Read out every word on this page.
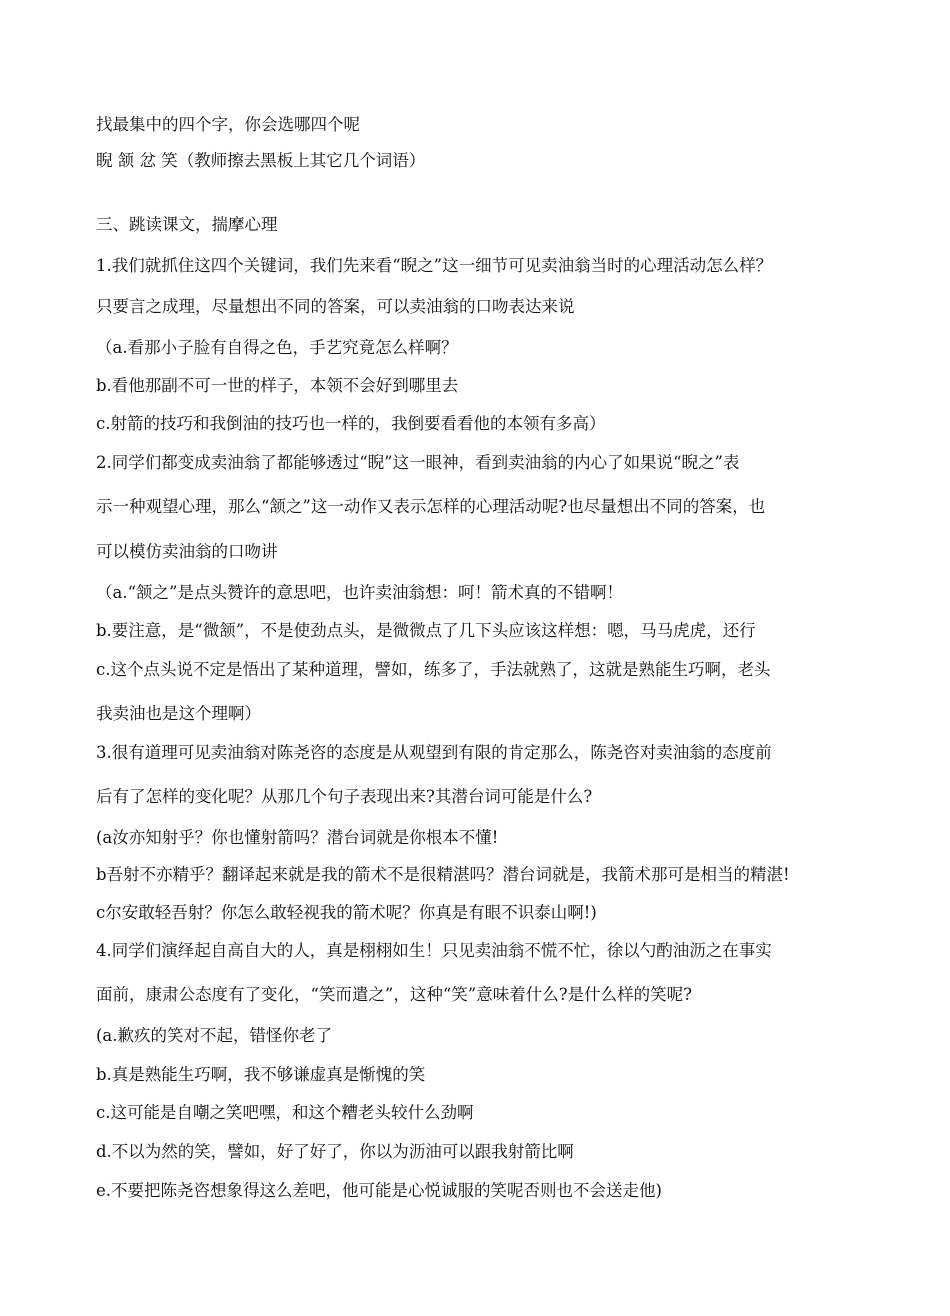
找最集中的四个字，你会选哪四个呢
睨 颔 忿 笑（教师擦去黑板上其它几个词语）
三、跳读课文，揣摩心理
1.我们就抓住这四个关键词，我们先来看“睨之”这一细节可见卖油翁当时的心理活动怎么样？
只要言之成理，尽量想出不同的答案，可以卖油翁的口吻表达来说
（a.看那小子脸有自得之色，手艺究竟怎么样啊？
b.看他那副不可一世的样子，本领不会好到哪里去
c.射箭的技巧和我倒油的技巧也一样的，我倒要看看他的本领有多高）
2.同学们都变成卖油翁了都能够透过“睨”这一眼神，看到卖油翁的内心了如果说“睨之”表
示一种观望心理，那么“颔之”这一动作又表示怎样的心理活动呢?也尽量想出不同的答案，也
可以模仿卖油翁的口吻讲
（a.“颔之”是点头赞许的意思吧，也许卖油翁想：呵！箭术真的不错啊！
b.要注意，是“微颔”，不是使劲点头，是微微点了几下头应该这样想：嗯，马马虎虎，还行
c.这个点头说不定是悟出了某种道理，譬如，练多了，手法就熟了，这就是熟能生巧啊，老头
我卖油也是这个理啊）
3.很有道理可见卖油翁对陈尧咨的态度是从观望到有限的肯定那么，陈尧咨对卖油翁的态度前
后有了怎样的变化呢？从那几个句子表现出来?其潜台词可能是什么?
(a汝亦知射乎？你也懂射箭吗？潜台词就是你根本不懂!
b吾射不亦精乎？翻译起来就是我的箭术不是很精湛吗？潜台词就是，我箭术那可是相当的精湛!
c尔安敢轻吾射？你怎么敢轻视我的箭术呢？你真是有眼不识泰山啊!)
4.同学们演绎起自高自大的人，真是栩栩如生！只见卖油翁不慌不忙，徐以勺酌油沥之在事实
面前，康肃公态度有了变化，“笑而遣之”，这种“笑”意味着什么?是什么样的笑呢?
(a.歉疚的笑对不起，错怪你老了
b.真是熟能生巧啊，我不够谦虚真是惭愧的笑
c.这可能是自嘲之笑吧嘿，和这个糟老头较什么劲啊
d.不以为然的笑，譬如，好了好了，你以为沥油可以跟我射箭比啊
e.不要把陈尧咨想象得这么差吧，他可能是心悦诚服的笑呢否则也不会送走他)
